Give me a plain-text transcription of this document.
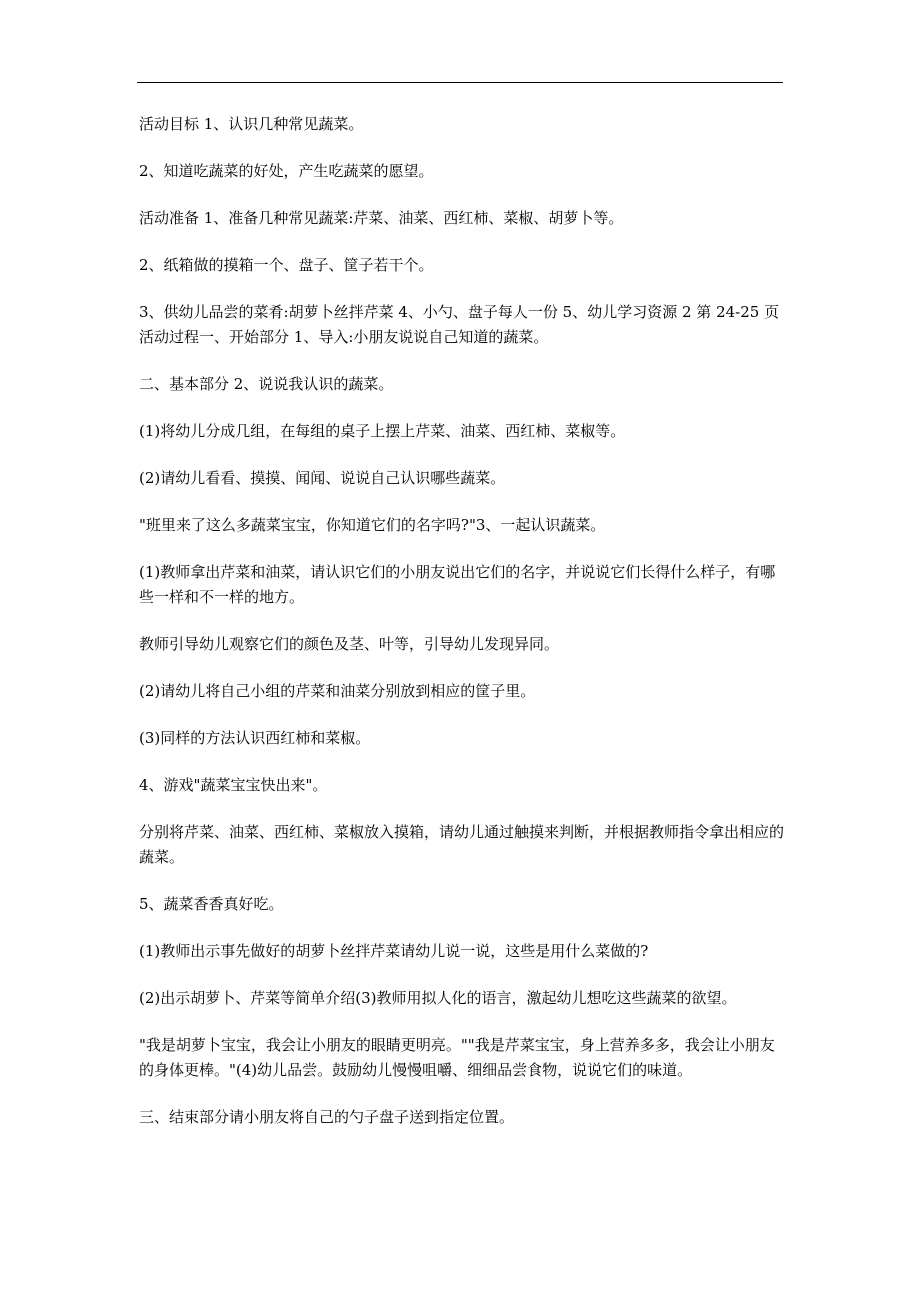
活动目标 1、认识几种常见蔬菜。

2、知道吃蔬菜的好处，产生吃蔬菜的愿望。

活动准备 1、准备几种常见蔬菜:芹菜、油菜、西红柿、菜椒、胡萝卜等。

2、纸箱做的摸箱一个、盘子、筐子若干个。

3、供幼儿品尝的菜肴:胡萝卜丝拌芹菜 4、小勺、盘子每人一份 5、幼儿学习资源 2 第 24-25 页活动过程一、开始部分 1、导入:小朋友说说自己知道的蔬菜。

二、基本部分 2、说说我认识的蔬菜。

(1)将幼儿分成几组，在每组的桌子上摆上芹菜、油菜、西红柿、菜椒等。

(2)请幼儿看看、摸摸、闻闻、说说自己认识哪些蔬菜。

"班里来了这么多蔬菜宝宝，你知道它们的名字吗?"3、一起认识蔬菜。

(1)教师拿出芹菜和油菜，请认识它们的小朋友说出它们的名字，并说说它们长得什么样子，有哪些一样和不一样的地方。

教师引导幼儿观察它们的颜色及茎、叶等，引导幼儿发现异同。

(2)请幼儿将自己小组的芹菜和油菜分别放到相应的筐子里。

(3)同样的方法认识西红柿和菜椒。

4、游戏"蔬菜宝宝快出来"。

分别将芹菜、油菜、西红柿、菜椒放入摸箱，请幼儿通过触摸来判断，并根据教师指令拿出相应的蔬菜。

5、蔬菜香香真好吃。

(1)教师出示事先做好的胡萝卜丝拌芹菜请幼儿说一说，这些是用什么菜做的?

(2)出示胡萝卜、芹菜等简单介绍(3)教师用拟人化的语言，激起幼儿想吃这些蔬菜的欲望。

"我是胡萝卜宝宝，我会让小朋友的眼睛更明亮。""我是芹菜宝宝，身上营养多多，我会让小朋友的身体更棒。"(4)幼儿品尝。鼓励幼儿慢慢咀嚼、细细品尝食物，说说它们的味道。

三、结束部分请小朋友将自己的勺子盘子送到指定位置。
